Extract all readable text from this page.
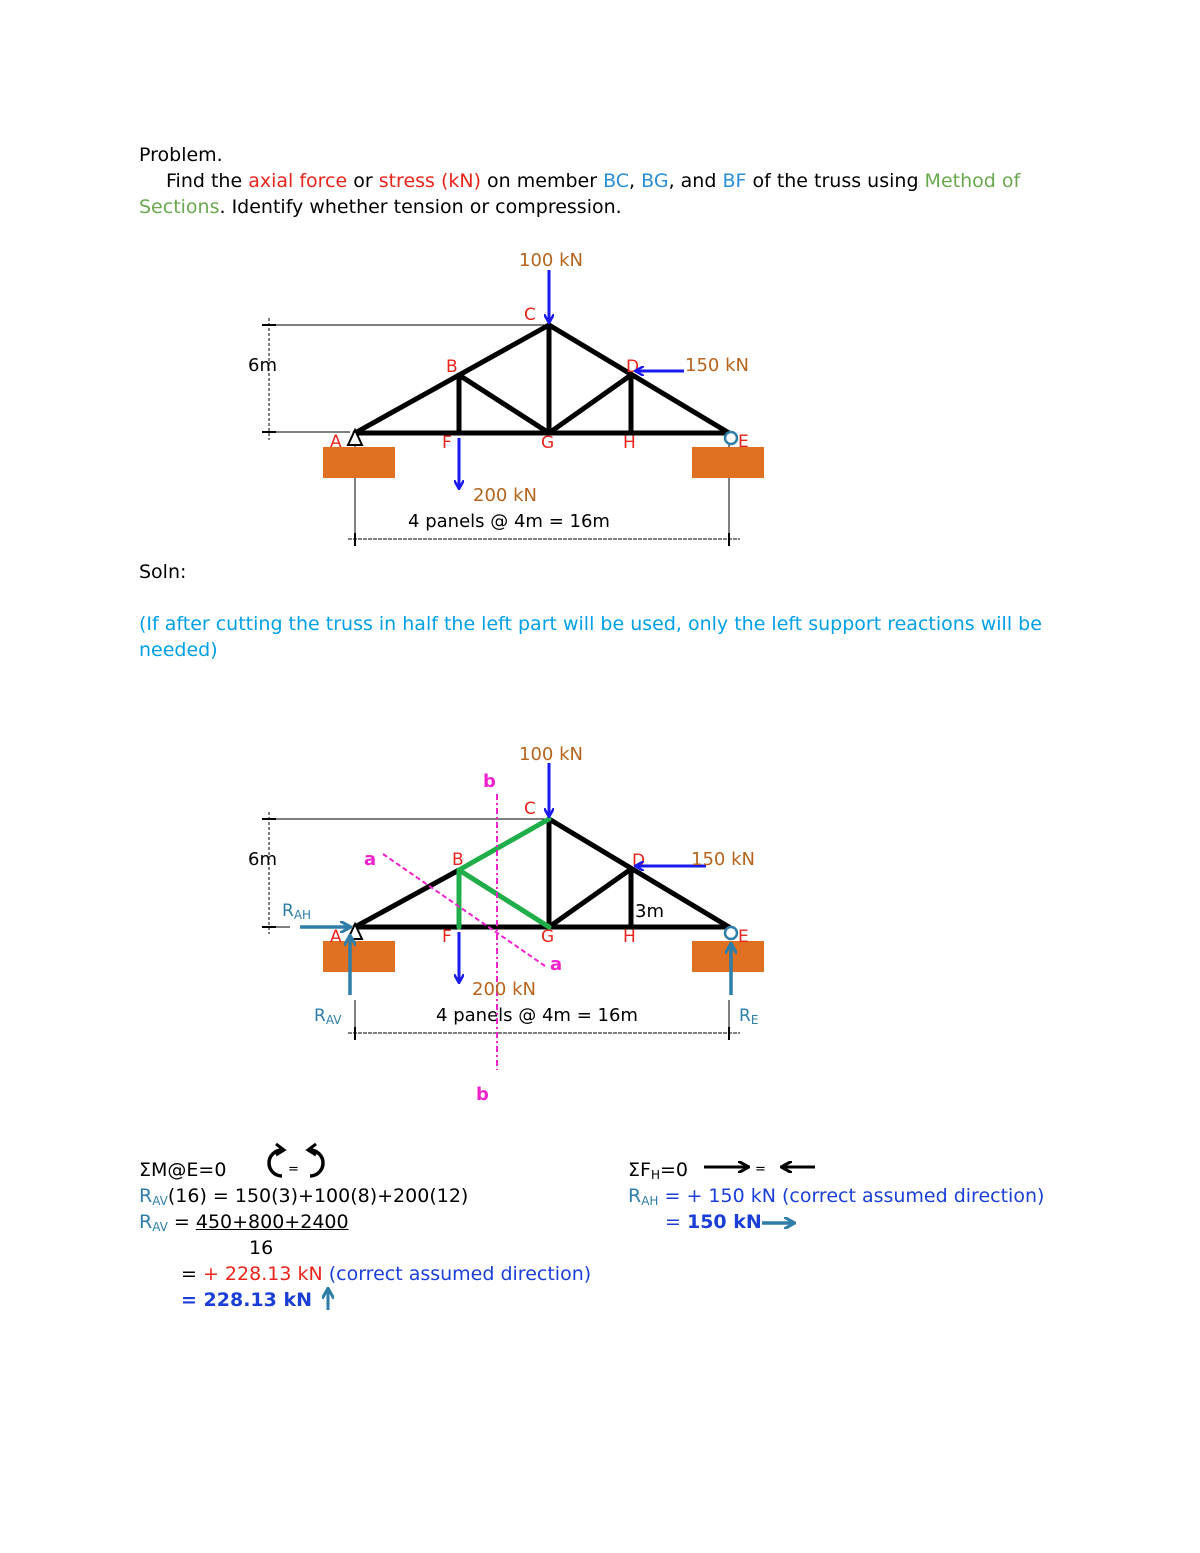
Problem.
Find the axial force or stress (kN) on member BC, BG, and BF of the truss using Method of
Sections. Identify whether tension or compression.
6m
4 panels @ 4m = 16m
A
B
C
D
E
F	G	H
100 kN
150 kN
200 kN
6m
4 panels @ 4m = 16m
A
B
C
D
E
F	G	H
3m
a
a
b
b
100 kN
150 kN
200 kN
RAH
RAV	RE
Soln:
(If after cutting the truss in half the left part will be used, only the left support reactions will be
needed)
ΣM@E=0	=
$R_{AV}(16) = 150(3)+100(8)+200(12)$
$R_{AV} = 450+800+2400$
16
= + 228.13 kN (correct assumed direction)
= 228.13 kN
$\Sigma F_H=0$	=
$R_{AH}$ = + 150 kN (correct assumed direction)
= 150 kN
